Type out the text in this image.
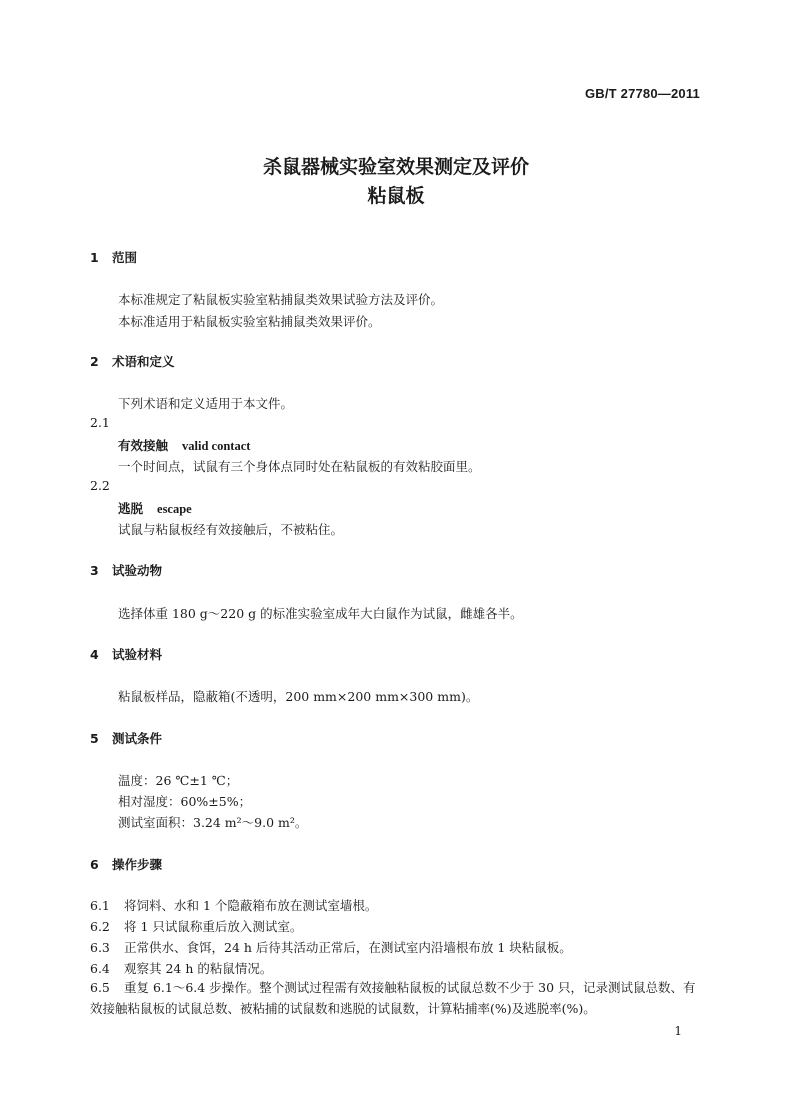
GB/T 27780—2011
杀鼠器械实验室效果测定及评价
粘鼠板
1 范围
本标准规定了粘鼠板实验室粘捕鼠类效果试验方法及评价。
本标准适用于粘鼠板实验室粘捕鼠类效果评价。
2 术语和定义
下列术语和定义适用于本文件。
2.1
有效接触 valid contact
一个时间点，试鼠有三个身体点同时处在粘鼠板的有效粘胶面里。
2.2
逃脱 escape
试鼠与粘鼠板经有效接触后，不被粘住。
3 试验动物
选择体重 180 g～220 g 的标准实验室成年大白鼠作为试鼠，雌雄各半。
4 试验材料
粘鼠板样品，隐蔽箱(不透明，200 mm×200 mm×300 mm)。
5 测试条件
温度：26 ℃±1 ℃；
相对湿度：60%±5%；
测试室面积：3.24 m²～9.0 m²。
6 操作步骤
6.1 将饲料、水和 1 个隐蔽箱布放在测试室墙根。
6.2 将 1 只试鼠称重后放入测试室。
6.3 正常供水、食饵，24 h 后待其活动正常后，在测试室内沿墙根布放 1 块粘鼠板。
6.4 观察其 24 h 的粘鼠情况。
6.5 重复 6.1～6.4 步操作。整个测试过程需有效接触粘鼠板的试鼠总数不少于 30 只，记录测试鼠总数、有效接触粘鼠板的试鼠总数、被粘捕的试鼠数和逃脱的试鼠数，计算粘捕率(%)及逃脱率(%)。
1
